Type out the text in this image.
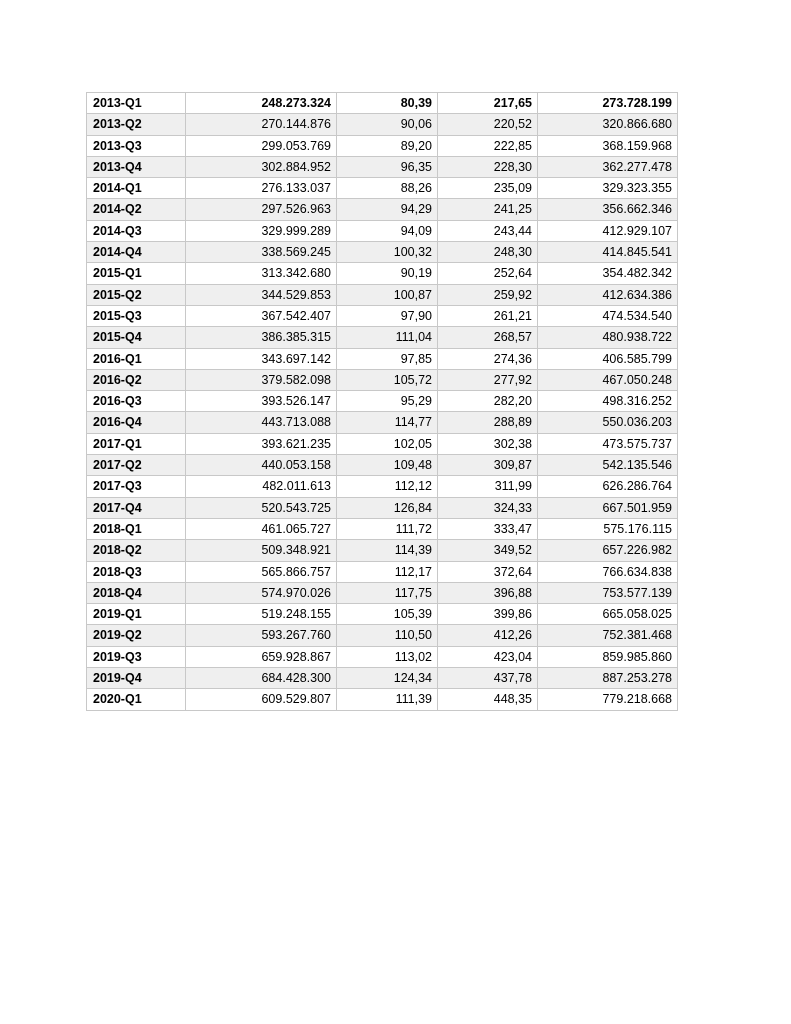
2013-Q1	248.273.324	80,39	217,65	273.728.199
2013-Q2	270.144.876	90,06	220,52	320.866.680
2013-Q3	299.053.769	89,20	222,85	368.159.968
2013-Q4	302.884.952	96,35	228,30	362.277.478
2014-Q1	276.133.037	88,26	235,09	329.323.355
2014-Q2	297.526.963	94,29	241,25	356.662.346
2014-Q3	329.999.289	94,09	243,44	412.929.107
2014-Q4	338.569.245	100,32	248,30	414.845.541
2015-Q1	313.342.680	90,19	252,64	354.482.342
2015-Q2	344.529.853	100,87	259,92	412.634.386
2015-Q3	367.542.407	97,90	261,21	474.534.540
2015-Q4	386.385.315	111,04	268,57	480.938.722
2016-Q1	343.697.142	97,85	274,36	406.585.799
2016-Q2	379.582.098	105,72	277,92	467.050.248
2016-Q3	393.526.147	95,29	282,20	498.316.252
2016-Q4	443.713.088	114,77	288,89	550.036.203
2017-Q1	393.621.235	102,05	302,38	473.575.737
2017-Q2	440.053.158	109,48	309,87	542.135.546
2017-Q3	482.011.613	112,12	311,99	626.286.764
2017-Q4	520.543.725	126,84	324,33	667.501.959
2018-Q1	461.065.727	111,72	333,47	575.176.115
2018-Q2	509.348.921	114,39	349,52	657.226.982
2018-Q3	565.866.757	112,17	372,64	766.634.838
2018-Q4	574.970.026	117,75	396,88	753.577.139
2019-Q1	519.248.155	105,39	399,86	665.058.025
2019-Q2	593.267.760	110,50	412,26	752.381.468
2019-Q3	659.928.867	113,02	423,04	859.985.860
2019-Q4	684.428.300	124,34	437,78	887.253.278
2020-Q1	609.529.807	111,39	448,35	779.218.668
